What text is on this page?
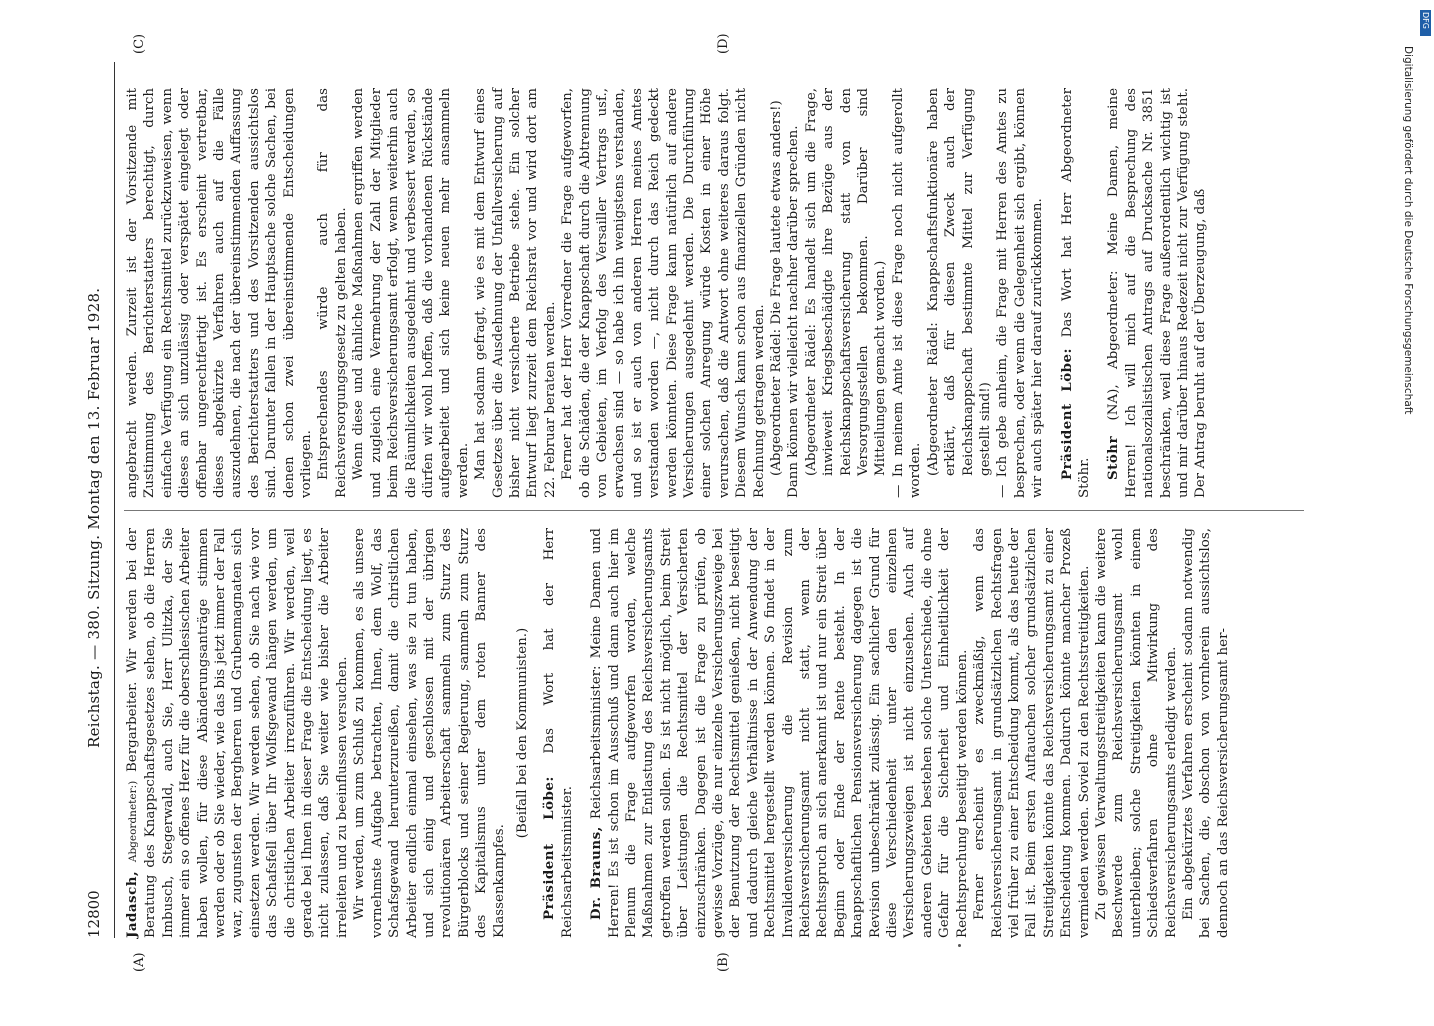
12800
Reichstag. — 380. Sitzung. Montag den 13. Februar 1928.
(A)	(B)
(C)	(D)

Jadasch, Abgeordneter:) Bergarbeiter. Wir werden bei der Beratung des Knappschaftsgesetzes sehen, ob die Herren Imbusch, Stegerwald, auch Sie, Herr Ulitzka, der Sie immer ein so offenes Herz für die oberschlesischen Arbeiter haben wollen, für diese Abänderungsanträge stimmen werden oder ob Sie wieder, wie das bis jetzt immer der Fall war, zugunsten der Bergherren und Grubenmagnaten sich einsetzen werden. Wir werden sehen, ob Sie nach wie vor das Schafsfell über Ihr Wolfsgewand hängen werden, um die christlichen Arbeiter irrezuführen. Wir werden, weil gerade bei Ihnen in dieser Frage die Entscheidung liegt, es nicht zulassen, daß Sie weiter wie bisher die Arbeiter irreleiten und zu beeinflussen versuchen. Wir werden, um zum Schluß zu kommen, es als unsere vornehmste Aufgabe betrachten, Ihnen, dem Wolf, das Schafsgewand herunterzureißen, damit die christlichen Arbeiter endlich einmal einsehen, was sie zu tun haben, und sich einig und geschlossen mit der übrigen revolutionären Arbeiterschaft sammeln zum Sturz des Bürgerblocks und seiner Regierung, sammeln zum Sturz des Kapitalismus unter dem roten Banner des Klassenkampfes.

(Beifall bei den Kommunisten.)

Präsident Löbe: Das Wort hat der Herr Reichsarbeitsminister. Dr. Brauns, Reichsarbeitsminister: Meine Damen und Herren! Es ist schon im Ausschuß und dann auch hier im Plenum die Frage aufgeworfen worden, welche Maßnahmen zur Entlastung des Reichsversicherungsamts getroffen werden sollen. Es ist nicht möglich, beim Streit über Leistungen die Rechtsmittel der Versicherten einzuschränken. Dagegen ist die Frage zu prüfen, ob gewisse Vorzüge, die nur einzelne Versicherungszweige bei der Benutzung der Rechtsmittel genießen, nicht beseitigt und dadurch gleiche Verhältnisse in der Anwendung der Rechtsmittel hergestellt werden können. So findet in der Invalidenversicherung die Revision zum Reichsversicherungsamt nicht statt, wenn der Rechtsspruch an sich anerkannt ist und nur ein Streit über Beginn oder Ende der Rente besteht. In der knappschaftlichen Pensionsversicherung dagegen ist die Revision unbeschränkt zulässig. Ein sachlicher Grund für diese Verschiedenheit unter den einzelnen Versicherungszweigen ist nicht einzusehen. Auch auf anderen Gebieten bestehen solche Unterschiede, die ohne Gefahr für die Sicherheit und Einheitlichkeit der Rechtsprechung beseitigt werden können. Ferner erscheint es zweckmäßig, wenn das Reichsversicherungsamt in grundsätzlichen Rechtsfragen viel früher zu einer Entscheidung kommt, als das heute der Fall ist. Beim ersten Auftauchen solcher grundsätzlichen Streitigkeiten könnte das Reichsversicherungsamt zu einer Entscheidung kommen. Dadurch könnte mancher Prozeß vermieden werden. Soviel zu den Rechtsstreitigkeiten. Zu gewissen Verwaltungsstreitigkeiten kann die weitere Beschwerde zum Reichsversicherungsamt wohl unterbleiben; solche Streitigkeiten könnten in einem Schiedsverfahren ohne Mitwirkung des Reichsversicherungsamts erledigt werden. Ein abgekürztes Verfahren erscheint sodann notwendig bei Sachen, die, obschon von vornherein aussichtslos, dennoch an das Reichsversicherungsamt her-

angebracht werden. Zurzeit ist der Vorsitzende mit Zustimmung des Berichterstatters berechtigt, durch einfache Verfügung ein Rechtsmittel zurückzuweisen, wenn dieses an sich unzulässig oder verspätet eingelegt oder offenbar ungerechtfertigt ist. Es erscheint vertretbar, dieses abgekürzte Verfahren auch auf die Fälle auszudehnen, die nach der übereinstimmenden Auffassung des Berichterstatters und des Vorsitzenden aussichtslos sind. Darunter fallen in der Hauptsache solche Sachen, bei denen schon zwei übereinstimmende Entscheidungen vorliegen. Entsprechendes würde auch für das Reichsversorgungsgesetz zu gelten haben. Wenn diese und ähnliche Maßnahmen ergriffen werden und zugleich eine Vermehrung der Zahl der Mitglieder beim Reichsversicherungsamt erfolgt, wenn weiterhin auch die Räumlichkeiten ausgedehnt und verbessert werden, so dürfen wir wohl hoffen, daß die vorhandenen Rückstände aufgearbeitet und sich keine neuen mehr ansammeln werden. Man hat sodann gefragt, wie es mit dem Entwurf eines Gesetzes über die Ausdehnung der Unfallversicherung auf bisher nicht versicherte Betriebe stehe. Ein solcher Entwurf liegt zurzeit dem Reichsrat vor und wird dort am 22. Februar beraten werden. Ferner hat der Herr Vorredner die Frage aufgeworfen, ob die Schäden, die der Knappschaft durch die Abtrennung von Gebieten, im Verfolg des Versailler Vertrags usf., erwachsen sind — so habe ich ihn wenigstens verstanden, und so ist er auch von anderen Herren meines Amtes verstanden worden —, nicht durch das Reich gedeckt werden könnten. Diese Frage kann natürlich auf andere Versicherungen ausgedehnt werden. Die Durchführung einer solchen Anregung würde Kosten in einer Höhe verursachen, daß die Antwort ohne weiteres daraus folgt. Diesem Wunsch kann schon aus finanziellen Gründen nicht Rechnung getragen werden. (Abgeordneter Rädel: Die Frage lautete etwas anders!) Dann können wir vielleicht nachher darüber sprechen. (Abgeordneter Rädel: Es handelt sich um die Frage, inwieweit Kriegsbeschädigte ihre Bezüge aus der Reichsknappschaftsversicherung statt von den Versorgungsstellen bekommen. Darüber sind Mitteilungen gemacht worden.) — In meinem Amte ist diese Frage noch nicht aufgerollt worden. (Abgeordneter Rädel: Knappschaftsfunktionäre haben erklärt, daß für diesen Zweck auch der Reichsknappschaft bestimmte Mittel zur Verfügung gestellt sind!) — Ich gebe anheim, die Frage mit Herren des Amtes zu besprechen, oder wenn die Gelegenheit sich ergibt, können wir auch später hier darauf zurückkommen. Präsident Löbe: Das Wort hat Herr Abgeordneter Stöhr. Stöhr (NA), Abgeordneter: Meine Damen, meine Herren! Ich will mich auf die Besprechung des nationalsozialistischen Antrags auf Drucksache Nr. 3851 beschränken, weil diese Frage außerordentlich wichtig ist und mir darüber hinaus Redezeit nicht zur Verfügung steht. Der Antrag beruht auf der Überzeugung, daß

DFG
Digitalisierung gefördert durch die Deutsche Forschungsgemeinschaft
